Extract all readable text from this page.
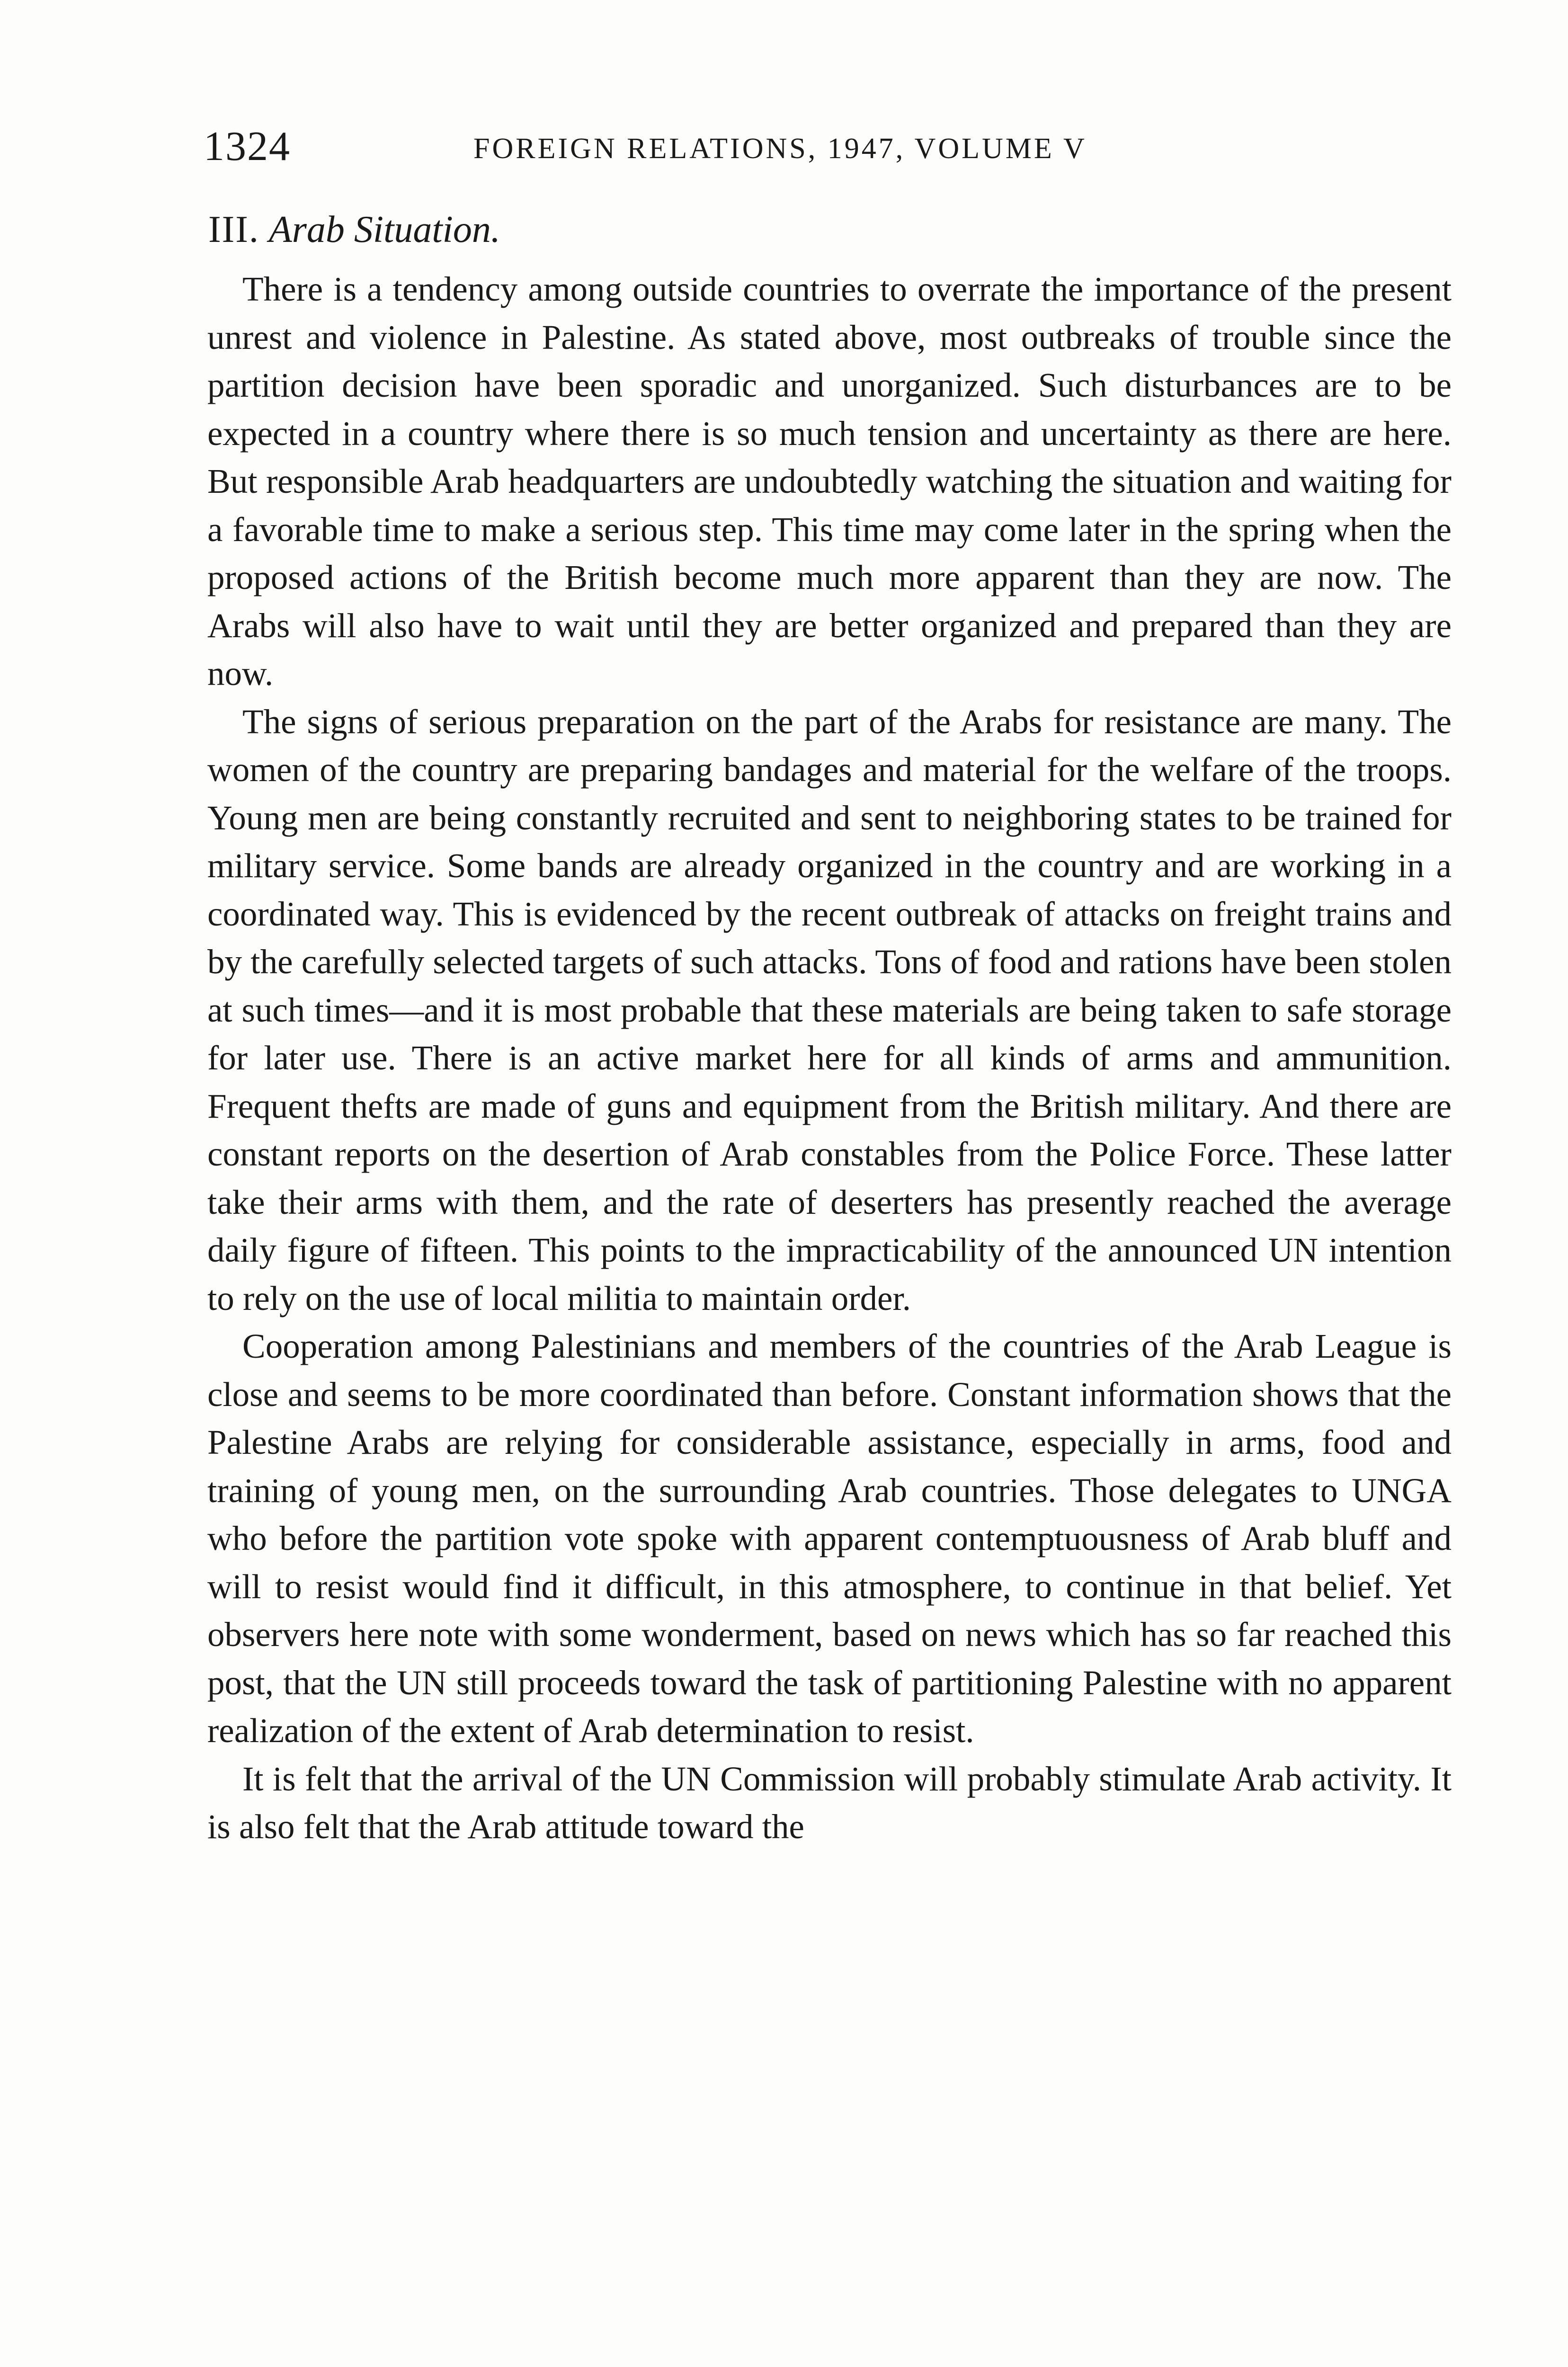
1324	FOREIGN RELATIONS, 1947, VOLUME V
III. Arab Situation.

There is a tendency among outside countries to overrate the importance of the present unrest and violence in Palestine. As stated above, most outbreaks of trouble since the partition decision have been sporadic and unorganized. Such disturbances are to be expected in a country where there is so much tension and uncertainty as there are here. But responsible Arab headquarters are undoubtedly watching the situation and waiting for a favorable time to make a serious step. This time may come later in the spring when the proposed actions of the British become much more apparent than they are now. The Arabs will also have to wait until they are better organized and prepared than they are now.

The signs of serious preparation on the part of the Arabs for resistance are many. The women of the country are preparing bandages and material for the welfare of the troops. Young men are being constantly recruited and sent to neighboring states to be trained for military service. Some bands are already organized in the country and are working in a coordinated way. This is evidenced by the recent outbreak of attacks on freight trains and by the carefully selected targets of such attacks. Tons of food and rations have been stolen at such times—and it is most probable that these materials are being taken to safe storage for later use. There is an active market here for all kinds of arms and ammunition. Frequent thefts are made of guns and equipment from the British military. And there are constant reports on the desertion of Arab constables from the Police Force. These latter take their arms with them, and the rate of deserters has presently reached the average daily figure of fifteen. This points to the impracticability of the announced UN intention to rely on the use of local militia to maintain order.

Cooperation among Palestinians and members of the countries of the Arab League is close and seems to be more coordinated than before. Constant information shows that the Palestine Arabs are relying for considerable assistance, especially in arms, food and training of young men, on the surrounding Arab countries. Those delegates to UNGA who before the partition vote spoke with apparent contemptuousness of Arab bluff and will to resist would find it difficult, in this atmosphere, to continue in that belief. Yet observers here note with some wonderment, based on news which has so far reached this post, that the UN still proceeds toward the task of partitioning Palestine with no apparent realization of the extent of Arab determination to resist.

It is felt that the arrival of the UN Commission will probably stimulate Arab activity. It is also felt that the Arab attitude toward the
